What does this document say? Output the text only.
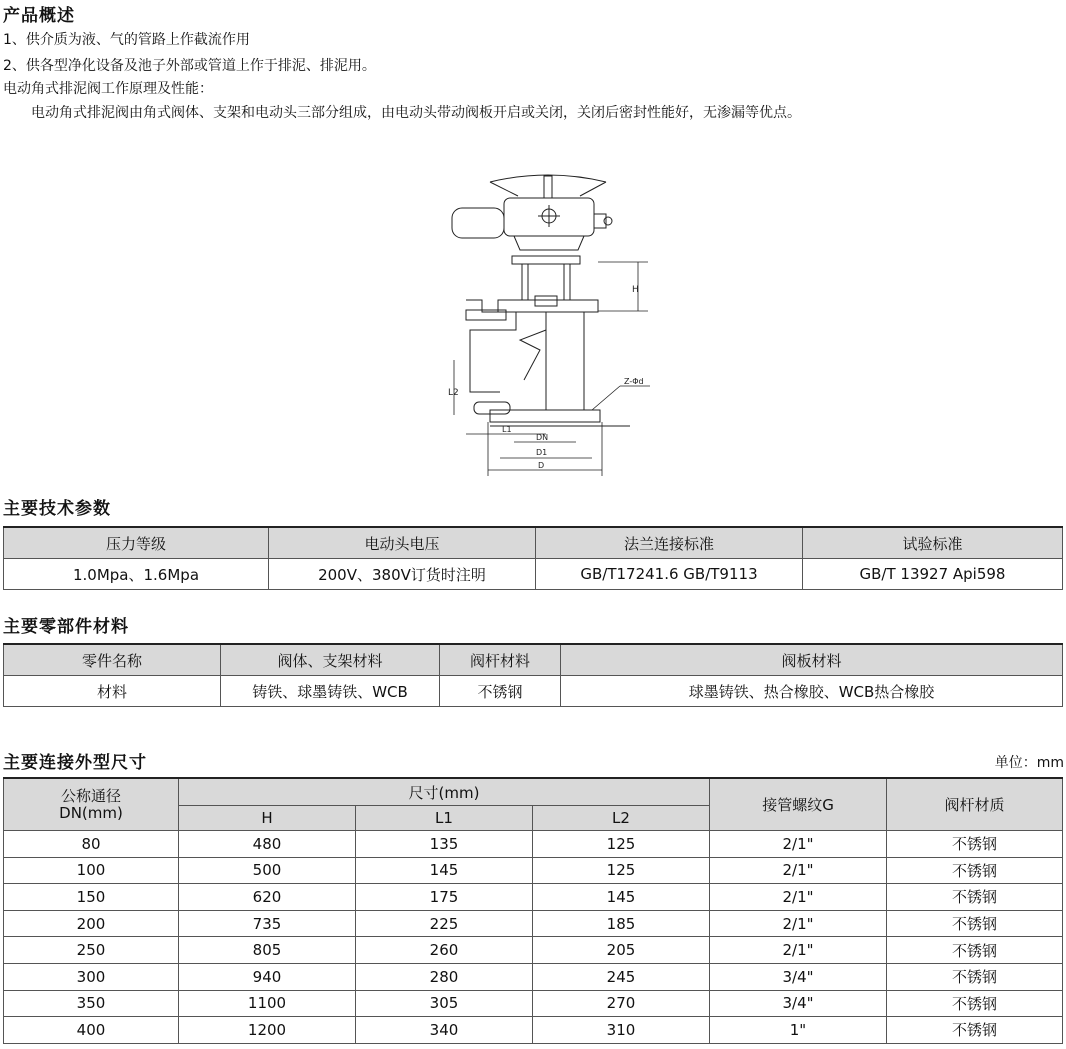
产品概述
1、供介质为液、气的管路上作截流作用
2、供各型净化设备及池子外部或管道上作于排泥、排泥用。
电动角式排泥阀工作原理及性能：
电动角式排泥阀由角式阀体、支架和电动头三部分组成，由电动头带动阀板开启或关闭，关闭后密封性能好，无渗漏等优点。
H
L2
Z-Φd
L1
DN
D1
D
主要技术参数
压力等级	电动头电压	法兰连接标准	试验标准
1.0Mpa、1.6Mpa	200V、380V订货时注明	GB/T17241.6 GB/T9113	GB/T 13927 Api598
主要零部件材料
零件名称	阀体、支架材料	阀杆材料	阀板材料
材料	铸铁、球墨铸铁、WCB	不锈钢	球墨铸铁、热合橡胶、WCB热合橡胶
主要连接外型尺寸	单位：mm
公称通径
DN(mm)	尺寸(mm)			接管螺纹G	阀杆材质
	H	L1	L2		
80	480	135	125	2/1"	不锈钢
100	500	145	125	2/1"	不锈钢
150	620	175	145	2/1"	不锈钢
200	735	225	185	2/1"	不锈钢
250	805	260	205	2/1"	不锈钢
300	940	280	245	3/4"	不锈钢
350	1100	305	270	3/4"	不锈钢
400	1200	340	310	1"	不锈钢
